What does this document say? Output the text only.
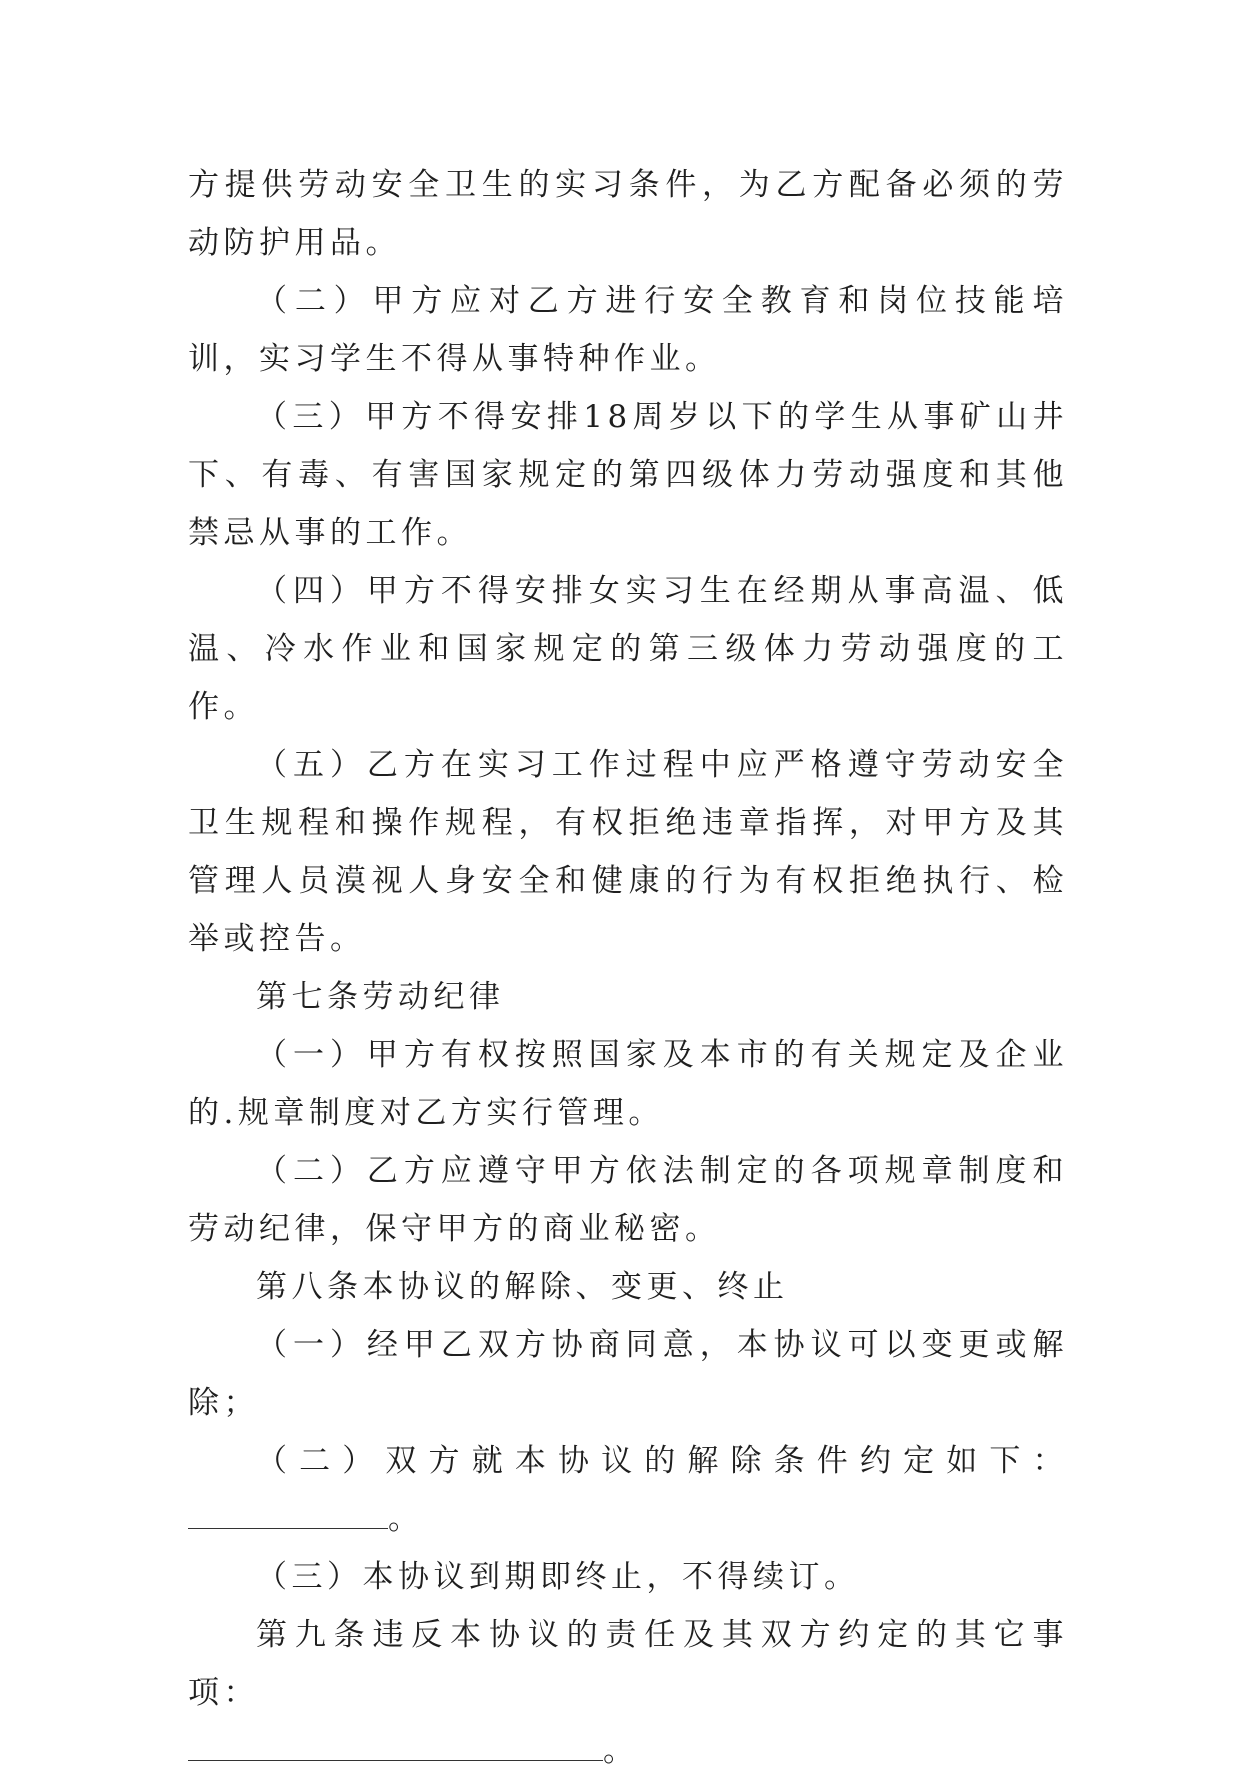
方提供劳动安全卫生的实习条件，为乙方配备必须的劳动防护用品。

（二）甲方应对乙方进行安全教育和岗位技能培训，实习学生不得从事特种作业。

（三）甲方不得安排18周岁以下的学生从事矿山井下、有毒、有害国家规定的第四级体力劳动强度和其他禁忌从事的工作。

（四）甲方不得安排女实习生在经期从事高温、低温、冷水作业和国家规定的第三级体力劳动强度的工作。

（五）乙方在实习工作过程中应严格遵守劳动安全卫生规程和操作规程，有权拒绝违章指挥，对甲方及其管理人员漠视人身安全和健康的行为有权拒绝执行、检举或控告。

第七条劳动纪律

（一）甲方有权按照国家及本市的有关规定及企业的.规章制度对乙方实行管理。

（二）乙方应遵守甲方依法制定的各项规章制度和劳动纪律，保守甲方的商业秘密。

第八条本协议的解除、变更、终止

（一）经甲乙双方协商同意，本协议可以变更或解除；

（二）双方就本协议的解除条件约定如下：

。

（三）本协议到期即终止，不得续订。

第九条违反本协议的责任及其双方约定的其它事项：

。
